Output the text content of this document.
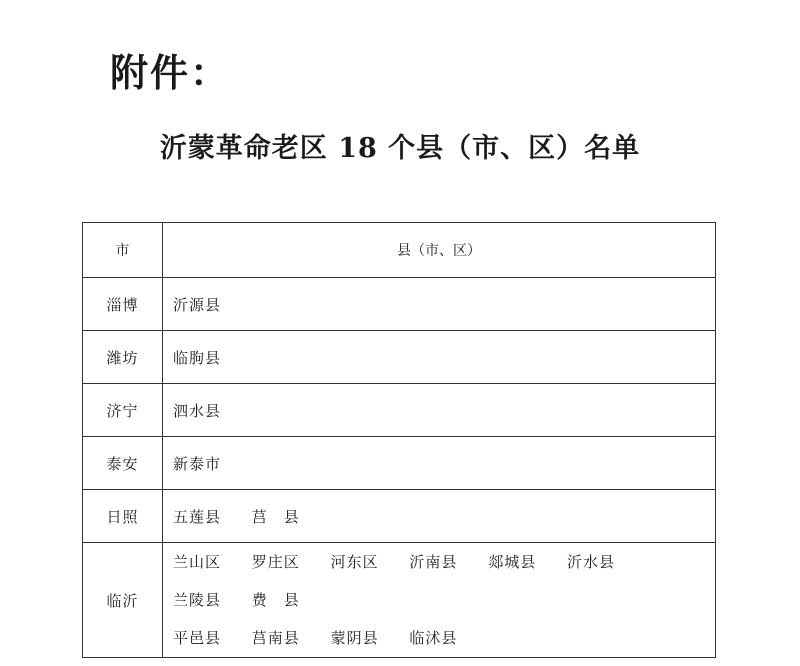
附件：
沂蒙革命老区 18 个县（市、区）名单
市	县（市、区）
淄博	沂源县
潍坊	临朐县
济宁	泗水县
泰安	新泰市
日照	五莲县 莒　县
临沂	兰山区 罗庄区 河东区 沂南县 郯城县 沂水县 兰陵县 费　县
平邑县 莒南县 蒙阴县 临沭县
